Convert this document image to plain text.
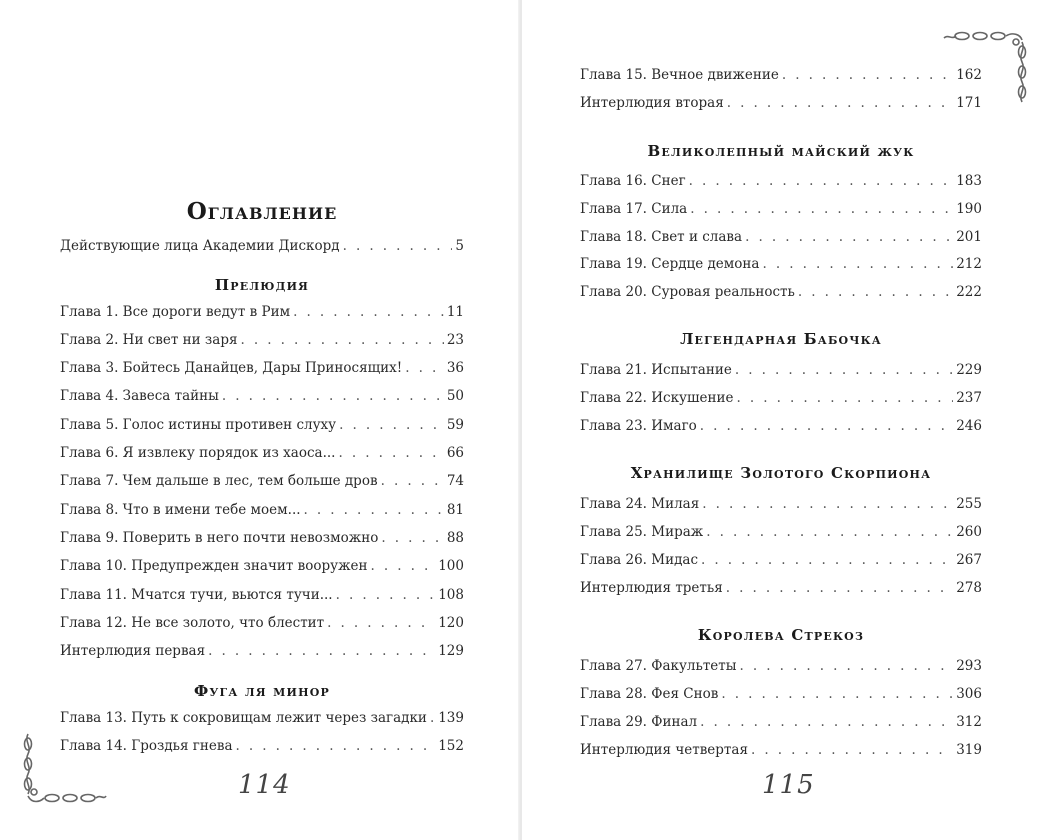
Оглавление
Действующие лица Академии Дискорд . . .	5
Прелюдия
Глава 1. Все дороги ведут в Рим . . .	11
Глава 2. Ни свет ни заря . . .	23
Глава 3. Бойтесь Данайцев, Дары Приносящих! . . .	36
Глава 4. Завеса тайны . . .	50
Глава 5. Голос истины противен слуху . . .	59
Глава 6. Я извлеку порядок из хаоса... . . .	66
Глава 7. Чем дальше в лес, тем больше дров . . .	74
Глава 8. Что в имени тебе моем... . . .	81
Глава 9. Поверить в него почти невозможно . . .	88
Глава 10. Предупрежден значит вооружен . . .	100
Глава 11. Мчатся тучи, вьются тучи... . . .	108
Глава 12. Не все золото, что блестит . . .	120
Интерлюдия первая . . .	129
Фуга ля минор
Глава 13. Путь к сокровищам лежит через загадки . . . 139
Глава 14. Гроздья гнева . . .	152
114
Глава 15. Вечное движение . . .	162
Интерлюдия вторая . . .	171
Великолепный майский жук
Глава 16. Снег . . .	183
Глава 17. Сила . . .	190
Глава 18. Свет и слава . . .	201
Глава 19. Сердце демона . . .	212
Глава 20. Суровая реальность . . .	222
Легендарная Бабочка
Глава 21. Испытание . . .	229
Глава 22. Искушение . . .	237
Глава 23. Имаго . . .	246
Хранилище Золотого Скорпиона
Глава 24. Милая . . .	255
Глава 25. Мираж . . .	260
Глава 26. Мидас . . .	267
Интерлюдия третья . . .	278
Королева Стрекоз
Глава 27. Факультеты . . .	293
Глава 28. Фея Снов . . .	306
Глава 29. Финал . . .	312
Интерлюдия четвертая . . .	319
115
